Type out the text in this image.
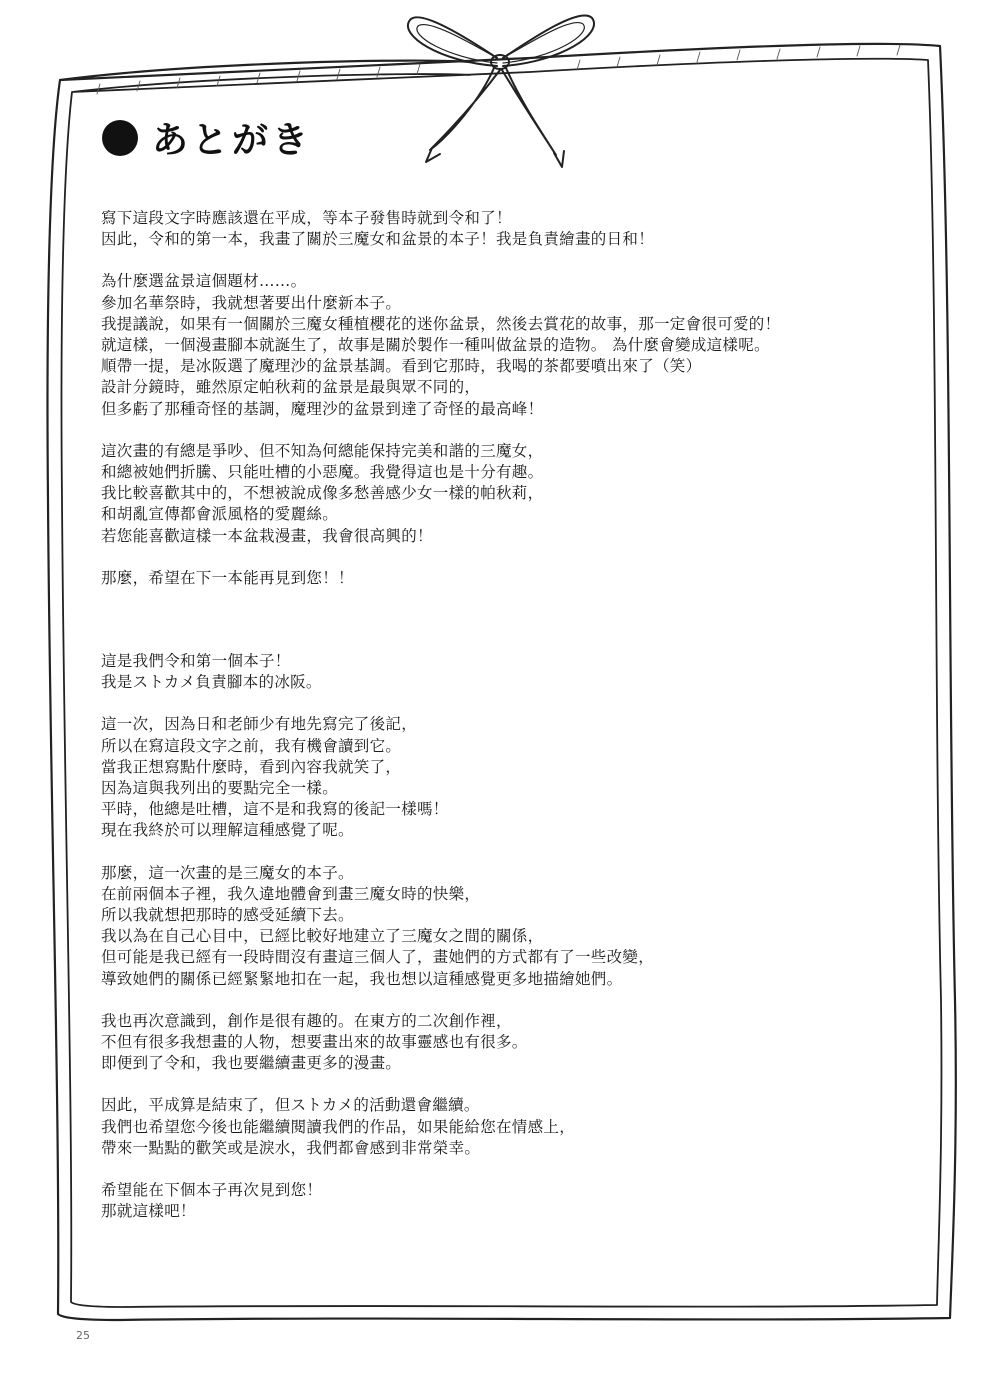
あとがき

寫下這段文字時應該還在平成，等本子發售時就到令和了！
因此，令和的第一本，我畫了關於三魔女和盆景的本子！我是負責繪畫的日和！

為什麼選盆景這個題材……。
參加名華祭時，我就想著要出什麼新本子。
我提議說，如果有一個關於三魔女種植櫻花的迷你盆景，然後去賞花的故事，那一定會很可愛的！
就這樣，一個漫畫腳本就誕生了，故事是關於製作一種叫做盆景的造物。 為什麼會變成這樣呢。
順帶一提，是冰阪選了魔理沙的盆景基調。看到它那時，我喝的茶都要噴出來了（笑）
設計分鏡時，雖然原定帕秋莉的盆景是最與眾不同的，
但多虧了那種奇怪的基調，魔理沙的盆景到達了奇怪的最高峰！

這次畫的有總是爭吵、但不知為何總能保持完美和諧的三魔女，
和總被她們折騰、只能吐槽的小惡魔。我覺得這也是十分有趣。
我比較喜歡其中的，不想被說成像多愁善感少女一樣的帕秋莉，
和胡亂宣傳都會派風格的愛麗絲。
若您能喜歡這樣一本盆栽漫畫，我會很高興的！

那麼，希望在下一本能再見到您！！

這是我們令和第一個本子！
我是ストカメ負責腳本的冰阪。

這一次，因為日和老師少有地先寫完了後記，
所以在寫這段文字之前，我有機會讀到它。
當我正想寫點什麼時，看到內容我就笑了，
因為這與我列出的要點完全一樣。
平時，他總是吐槽，這不是和我寫的後記一樣嗎！
現在我終於可以理解這種感覺了呢。

那麼，這一次畫的是三魔女的本子。
在前兩個本子裡，我久違地體會到畫三魔女時的快樂，
所以我就想把那時的感受延續下去。
我以為在自己心目中，已經比較好地建立了三魔女之間的關係，
但可能是我已經有一段時間沒有畫這三個人了，畫她們的方式都有了一些改變，
導致她們的關係已經緊緊地扣在一起，我也想以這種感覺更多地描繪她們。

我也再次意識到，創作是很有趣的。在東方的二次創作裡，
不但有很多我想畫的人物，想要畫出來的故事靈感也有很多。
即便到了令和，我也要繼續畫更多的漫畫。

因此，平成算是結束了，但ストカメ的活動還會繼續。
我們也希望您今後也能繼續閱讀我們的作品，如果能給您在情感上，
帶來一點點的歡笑或是淚水，我們都會感到非常榮幸。

希望能在下個本子再次見到您！
那就這樣吧！

25
